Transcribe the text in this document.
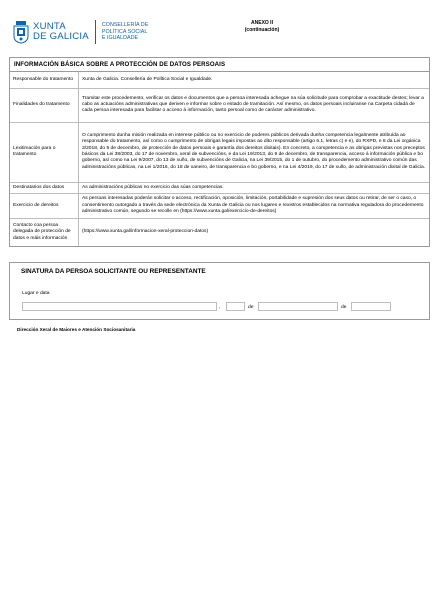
XUNTA
DE GALICIA
CONSELLERÍA DE
POLÍTICA SOCIAL
E IGUALDADE
ANEXO II
(continuación)
INFORMACIÓN BÁSICA SOBRE A PROTECCIÓN DE DATOS PERSOAIS
Responsable do tratamento	Xunta de Galicia. Consellería de Política Social e Igualdade.
Finalidades do tratamento	Tramitar este procedemento, verificar os datos e documentos que a persoa interesada achegue na súa solicitude para comprobar a exactitude destes; levar a cabo as actuacións administrativas que deriven e informar sobre o estado de tramitación. Así mesmo, os datos persoais incluiranse na Carpeta cidadá de cada persoa interesada para facilitar o acceso á información, tanto persoal como de carácter administrativo.
Lexitimación para o tratamento	O cumprimento dunha misión realizada en interese público ou no exercicio de poderes públicos derivada dunha competencia legalmente atribuída ao responsable do tratamento, así como o cumprimento de obrigas legais impostas ao dito responsable (artigo 6.1, letras c) e e), do RXPD, e 8 da Lei orgánica 3/2018, do 5 de decembro, de protección de datos persoais e garantía dos dereitos dixitais). En concreto, a competencia e as obrigas previstas nos preceptos básicos da Lei 38/2003, do 17 de novembro, xeral de subvencións, e da Lei 19/2013, do 9 de decembro, de transparencia, acceso á información pública e bo goberno, así como na Lei 9/2007, do 13 de xuño, de subvencións de Galicia, na Lei 39/2015, do 1 de outubro, do procedemento administrativo común das administracións públicas, na Lei 1/2016, do 18 de xaneiro, de transparencia e bo goberno, e na Lei 4/2019, do 17 de xullo, de administración dixital de Galicia.
Destinatarios dos datos	As administracións públicas no exercicio das súas competencias.
Exercicio de dereitos	As persoas interesadas poderán solicitar o acceso, rectificación, oposición, limitación, portabilidade e supresión dos seus datos ou retirar, de ser o caso, o consentimento outorgado a través da sede electrónica da Xunta de Galicia ou nos lugares e rexistros establecidos na normativa reguladora do procedemento administrativo común, segundo se recolle en (https://www.xunta.gal/exercicio-de-dereitos)
Contacto coa persoa delegada de protección de datos e máis información	(https://www.xunta.gal/informacion-xeral-proteccion-datos)
SINATURA DA PERSOA SOLICITANTE OU REPRESENTANTE
Lugar e data
,	de	de
Dirección Xeral de Maiores e Atención Sociosanitaria
